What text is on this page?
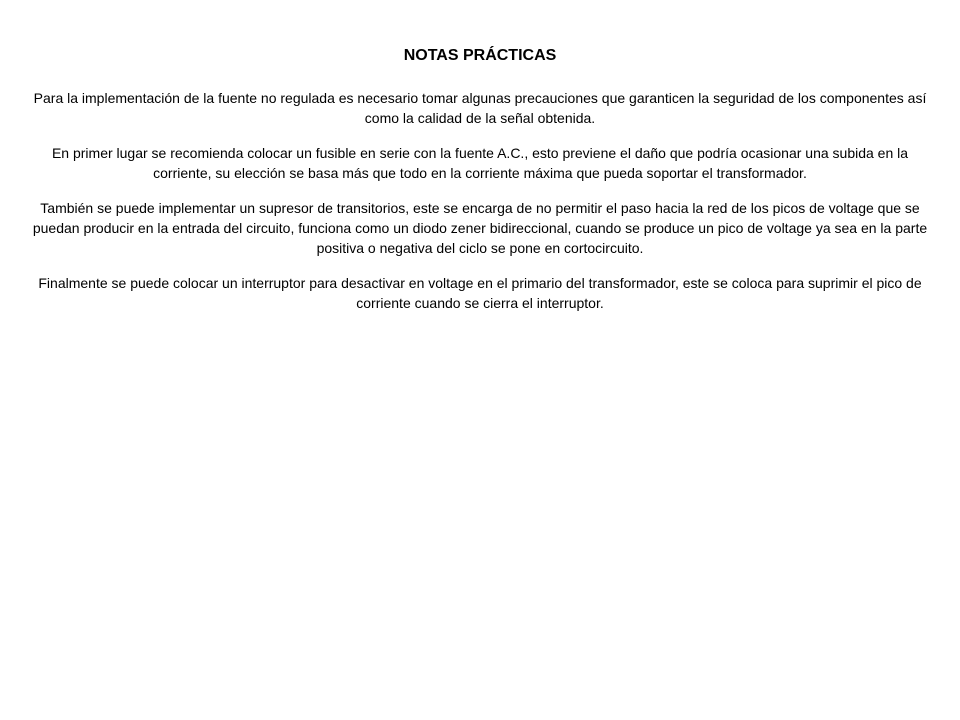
NOTAS PRÁCTICAS

Para la implementación de la fuente no regulada es necesario tomar algunas precauciones que garanticen la seguridad de los componentes así como la calidad de la señal obtenida.

En primer lugar se recomienda colocar un fusible en serie con la fuente A.C., esto previene el daño que podría ocasionar una subida en la corriente, su elección se basa más que todo en la corriente máxima que pueda soportar el transformador.

También se puede implementar un supresor de transitorios, este se encarga de no permitir el paso hacia la red de los picos de voltage que se puedan producir en la entrada del circuito, funciona como un diodo zener bidireccional, cuando se produce un pico de voltage ya sea en la parte positiva o negativa del ciclo se pone en cortocircuito.

Finalmente se puede colocar un interruptor para desactivar en voltage en el primario del transformador, este se coloca para suprimir el pico de corriente cuando se cierra el interruptor.
